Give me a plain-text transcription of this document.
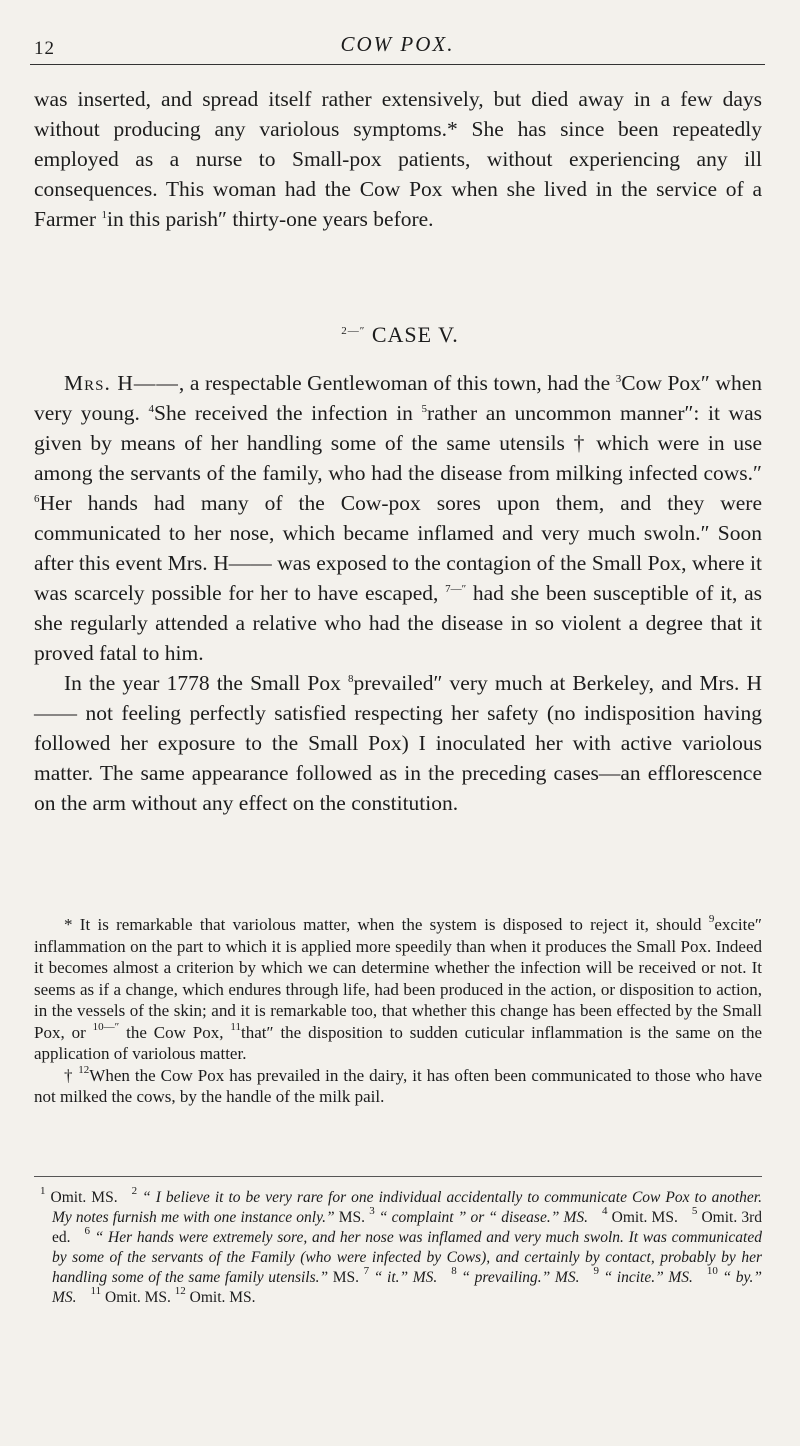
12	COW POX.

was inserted, and spread itself rather extensively, but died away in a few days without producing any variolous symptoms.* She has since been repeatedly employed as a nurse to Small-pox patients, without experiencing any ill consequences. This woman had the Cow Pox when she lived in the service of a Farmer $^1$in this parish″ thirty-one years before.

$^{2—''}$ CASE V.

Mrs. H——, a respectable Gentlewoman of this town, had the $^3$Cow Pox″ when very young. $^4$She received the infection in $^5$rather an uncommon manner″: it was given by means of her handling some of the same utensils † which were in use among the servants of the family, who had the disease from milking infected cows.″ $^6$Her hands had many of the Cow-pox sores upon them, and they were communicated to her nose, which became inflamed and very much swoln.″ Soon after this event Mrs. H—— was exposed to the contagion of the Small Pox, where it was scarcely possible for her to have escaped, $^{7—''}$ had she been susceptible of it, as she regularly attended a relative who had the disease in so violent a degree that it proved fatal to him.

In the year 1778 the Small Pox $^8$prevailed″ very much at Berkeley, and Mrs. H—— not feeling perfectly satisfied respecting her safety (no indisposition having followed her exposure to the Small Pox) I inoculated her with active variolous matter. The same appearance followed as in the preceding cases—an efflorescence on the arm without any effect on the constitution.

* It is remarkable that variolous matter, when the system is disposed to reject it, should $^9$excite″ inflammation on the part to which it is applied more speedily than when it produces the Small Pox. Indeed it becomes almost a criterion by which we can determine whether the infection will be received or not. It seems as if a change, which endures through life, had been produced in the action, or disposition to action, in the vessels of the skin; and it is remarkable too, that whether this change has been effected by the Small Pox, or $^{10—''}$ the Cow Pox, $^{11}$that″ the disposition to sudden cuticular inflammation is the same on the application of variolous matter.

† $^{12}$When the Cow Pox has prevailed in the dairy, it has often been communicated to those who have not milked the cows, by the handle of the milk pail.

$^1$ Omit. MS. $^2$ “ I believe it to be very rare for one individual accidentally to communicate Cow Pox to another. My notes furnish me with one instance only.” MS. $^3$ “ complaint ” or “ disease.” MS. $^4$ Omit. MS. $^5$ Omit. 3rd ed. $^6$ “ Her hands were extremely sore, and her nose was inflamed and very much swoln. It was communicated by some of the servants of the Family (who were infected by Cows), and certainly by contact, probably by her handling some of the same family utensils.” MS. $^7$ “ it.” MS. $^8$ “ prevailing.” MS. $^9$ “ incite.” MS. $^{10}$ “ by.” MS. $^{11}$ Omit. MS. $^{12}$ Omit. MS.
